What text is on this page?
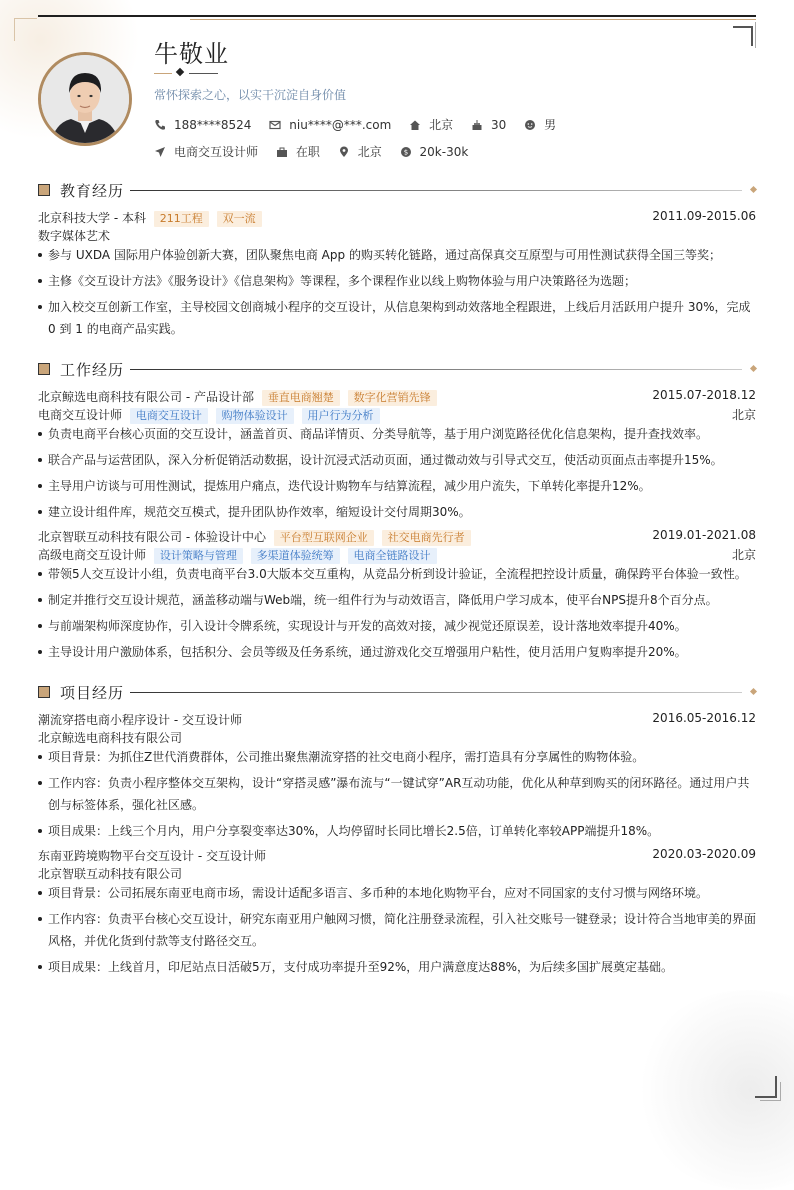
牛敬业
常怀探索之心，以实干沉淀自身价值
188****8524
	niu****@***.com
	北京
	30
	男
电商交互设计师
	在职
	北京
	$ 20k-30k
教育经历
北京科技大学 - 本科 211工程 双一流	2011.09-2015.06
数字媒体艺术
参与 UXDA 国际用户体验创新大赛，团队聚焦电商 App 的购买转化链路，通过高保真交互原型与可用性测试获得全国三等奖；
主修《交互设计方法》《服务设计》《信息架构》等课程，多个课程作业以线上购物体验与用户决策路径为选题；
加入校交互创新工作室，主导校园文创商城小程序的交互设计，从信息架构到动效落地全程跟进，上线后月活跃用户提升 30%，完成 0 到 1 的电商产品实践。
工作经历
北京鲸选电商科技有限公司 - 产品设计部 垂直电商翘楚 数字化营销先锋	2015.07-2018.12
电商交互设计师 电商交互设计 购物体验设计 用户行为分析	北京
负责电商平台核心页面的交互设计，涵盖首页、商品详情页、分类导航等，基于用户浏览路径优化信息架构，提升查找效率。
联合产品与运营团队，深入分析促销活动数据，设计沉浸式活动页面，通过微动效与引导式交互，使活动页面点击率提升15%。
主导用户访谈与可用性测试，提炼用户痛点，迭代设计购物车与结算流程，减少用户流失，下单转化率提升12%。
建立设计组件库，规范交互模式，提升团队协作效率，缩短设计交付周期30%。
北京智联互动科技有限公司 - 体验设计中心 平台型互联网企业 社交电商先行者	2019.01-2021.08
高级电商交互设计师 设计策略与管理 多渠道体验统筹 电商全链路设计	北京
带领5人交互设计小组，负责电商平台3.0大版本交互重构，从竞品分析到设计验证，全流程把控设计质量，确保跨平台体验一致性。
制定并推行交互设计规范，涵盖移动端与Web端，统一组件行为与动效语言，降低用户学习成本，使平台NPS提升8个百分点。
与前端架构师深度协作，引入设计令牌系统，实现设计与开发的高效对接，减少视觉还原误差，设计落地效率提升40%。
主导设计用户激励体系，包括积分、会员等级及任务系统，通过游戏化交互增强用户粘性，使月活用户复购率提升20%。
项目经历
潮流穿搭电商小程序设计 - 交互设计师	2016.05-2016.12
北京鲸选电商科技有限公司
项目背景：为抓住Z世代消费群体，公司推出聚焦潮流穿搭的社交电商小程序，需打造具有分享属性的购物体验。
工作内容：负责小程序整体交互架构，设计“穿搭灵感”瀑布流与“一键试穿”AR互动功能，优化从种草到购买的闭环路径。通过用户共创与标签体系，强化社区感。
项目成果：上线三个月内，用户分享裂变率达30%，人均停留时长同比增长2.5倍，订单转化率较APP端提升18%。
东南亚跨境购物平台交互设计 - 交互设计师	2020.03-2020.09
北京智联互动科技有限公司
项目背景：公司拓展东南亚电商市场，需设计适配多语言、多币种的本地化购物平台，应对不同国家的支付习惯与网络环境。
工作内容：负责平台核心交互设计，研究东南亚用户触网习惯，简化注册登录流程，引入社交账号一键登录；设计符合当地审美的界面风格，并优化货到付款等支付路径交互。
项目成果：上线首月，印尼站点日活破5万，支付成功率提升至92%，用户满意度达88%，为后续多国扩展奠定基础。
